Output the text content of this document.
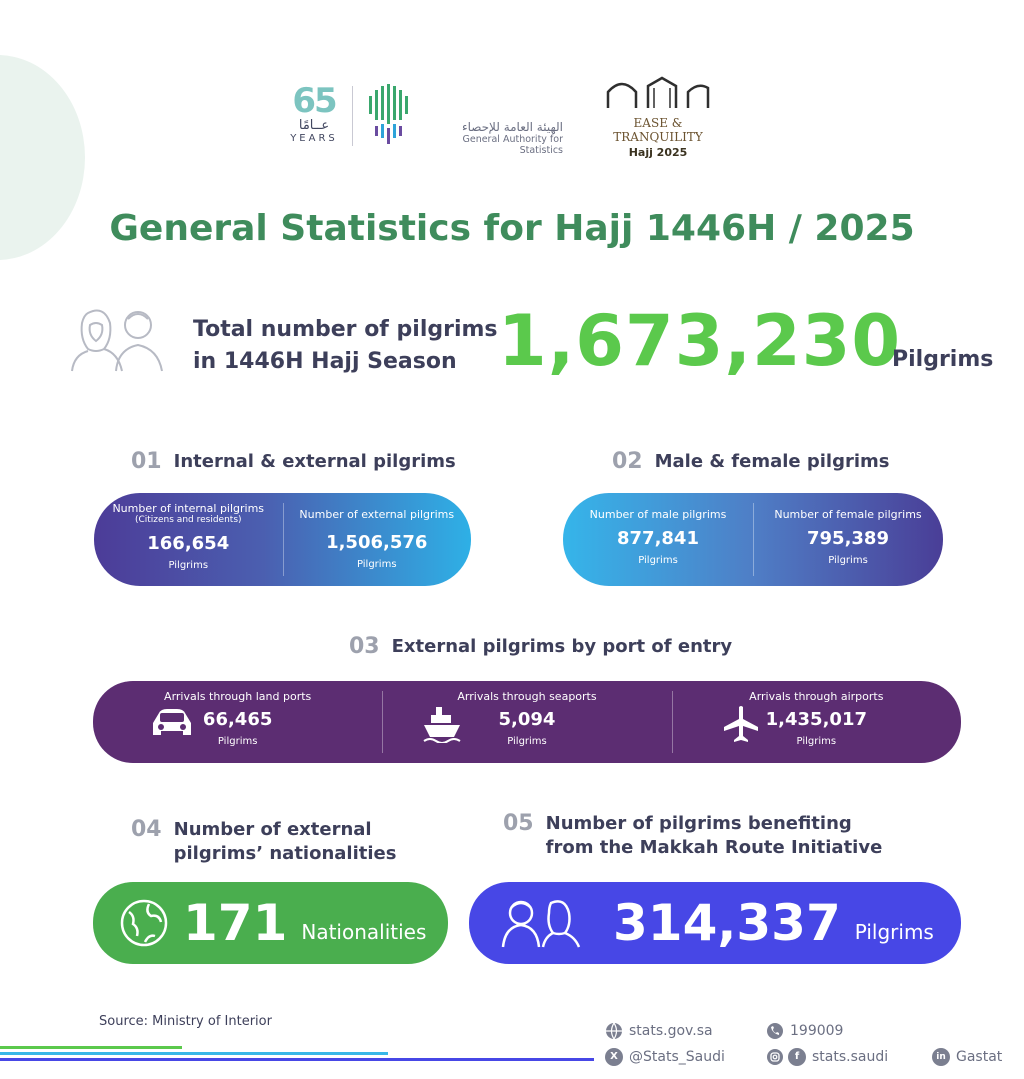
65
عــامًا
YEARS
الهيئة العامة للإحصاء
General Authority for Statistics
EASE & TRANQUILITY
Hajj 2025
General Statistics for Hajj 1446H / 2025
Total number of pilgrims
in 1446H Hajj Season 1,673,230
Pilgrims
01 Internal & external pilgrims
Number of internal pilgrims
(Citizens and residents)
166,654
Pilgrims
Number of external pilgrims
1,506,576
Pilgrims
02 Male & female pilgrims
Number of male pilgrims
877,841
Pilgrims
Number of female pilgrims
795,389
Pilgrims
03 External pilgrims by port of entry
Arrivals through land ports
66,465
Pilgrims
Arrivals through seaports
5,094
Pilgrims
Arrivals through airports
1,435,017
Pilgrims
04 Number of external
pilgrims’ nationalities
171 Nationalities
05 Number of pilgrims benefiting
from the Makkah Route Initiative
314,337 Pilgrims
Source: Ministry of Interior
stats.gov.sa	199009
X @Stats_Saudi	f stats.saudi	in Gastat
